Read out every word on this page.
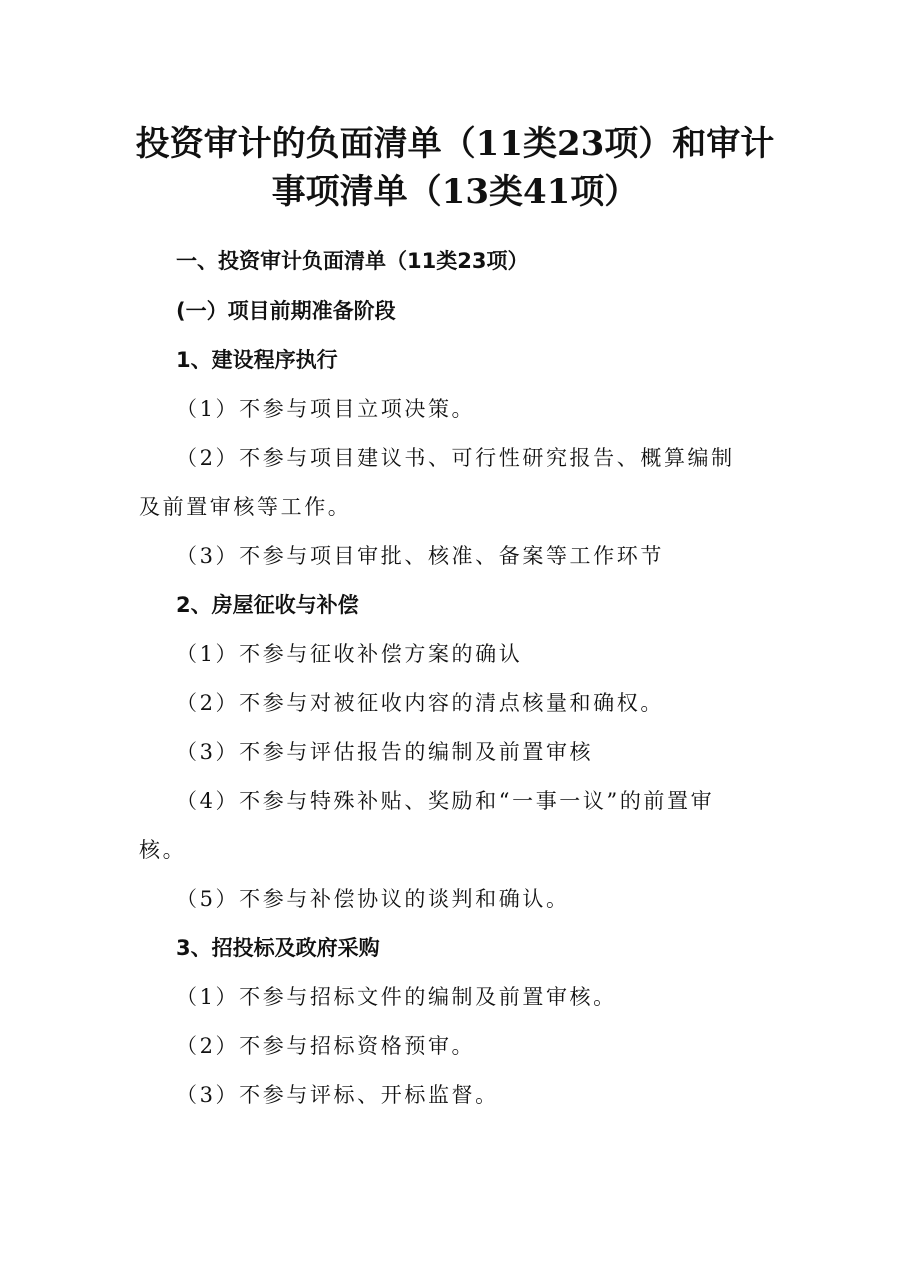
投资审计的负面清单（11类23项）和审计
事项清单（13类41项）
一、投资审计负面清单（11类23项）
(一）项目前期准备阶段
1、建设程序执行
（1）不参与项目立项决策。
（2）不参与项目建议书、可行性研究报告、概算编制
及前置审核等工作。
（3）不参与项目审批、核准、备案等工作环节
2、房屋征收与补偿
（1）不参与征收补偿方案的确认
（2）不参与对被征收内容的清点核量和确权。
（3）不参与评估报告的编制及前置审核
（4）不参与特殊补贴、奖励和“一事一议”的前置审
核。
（5）不参与补偿协议的谈判和确认。
3、招投标及政府采购
（1）不参与招标文件的编制及前置审核。
（2）不参与招标资格预审。
（3）不参与评标、开标监督。
